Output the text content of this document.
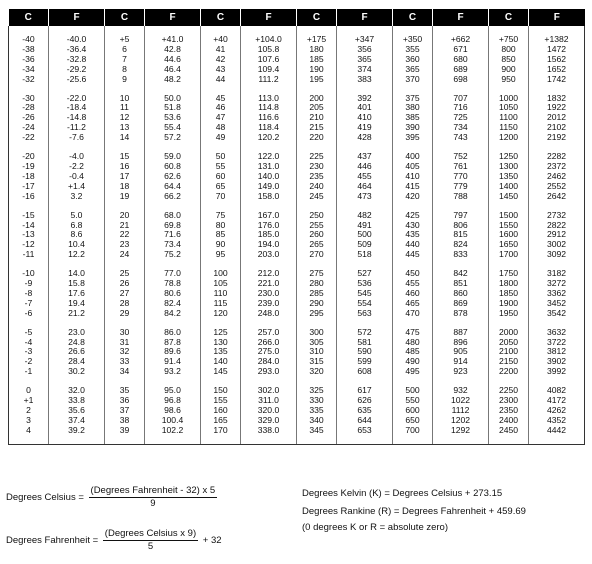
C	F	C	F	C	F	C	F	C	F	C	F
-40	-40.0	+5	+41.0	+40	+104.0	+175	+347	+350	+662	+750	+1382
-38	-36.4	6	42.8	41	105.8	180	356	355	671	800	1472
-36	-32.8	7	44.6	42	107.6	185	365	360	680	850	1562
-34	-29.2	8	46.4	43	109.4	190	374	365	689	900	1652
-32	-25.6	9	48.2	44	111.2	195	383	370	698	950	1742
-30	-22.0	10	50.0	45	113.0	200	392	375	707	1000	1832
-28	-18.4	11	51.8	46	114.8	205	401	380	716	1050	1922
-26	-14.8	12	53.6	47	116.6	210	410	385	725	1100	2012
-24	-11.2	13	55.4	48	118.4	215	419	390	734	1150	2102
-22	-7.6	14	57.2	49	120.2	220	428	395	743	1200	2192
-20	-4.0	15	59.0	50	122.0	225	437	400	752	1250	2282
-19	-2.2	16	60.8	55	131.0	230	446	405	761	1300	2372
-18	-0.4	17	62.6	60	140.0	235	455	410	770	1350	2462
-17	+1.4	18	64.4	65	149.0	240	464	415	779	1400	2552
-16	3.2	19	66.2	70	158.0	245	473	420	788	1450	2642
-15	5.0	20	68.0	75	167.0	250	482	425	797	1500	2732
-14	6.8	21	69.8	80	176.0	255	491	430	806	1550	2822
-13	8.6	22	71.6	85	185.0	260	500	435	815	1600	2912
-12	10.4	23	73.4	90	194.0	265	509	440	824	1650	3002
-11	12.2	24	75.2	95	203.0	270	518	445	833	1700	3092
-10	14.0	25	77.0	100	212.0	275	527	450	842	1750	3182
-9	15.8	26	78.8	105	221.0	280	536	455	851	1800	3272
-8	17.6	27	80.6	110	230.0	285	545	460	860	1850	3362
-7	19.4	28	82.4	115	239.0	290	554	465	869	1900	3452
-6	21.2	29	84.2	120	248.0	295	563	470	878	1950	3542
-5	23.0	30	86.0	125	257.0	300	572	475	887	2000	3632
-4	24.8	31	87.8	130	266.0	305	581	480	896	2050	3722
-3	26.6	32	89.6	135	275.0	310	590	485	905	2100	3812
-2	28.4	33	91.4	140	284.0	315	599	490	914	2150	3902
-1	30.2	34	93.2	145	293.0	320	608	495	923	2200	3992
0	32.0	35	95.0	150	302.0	325	617	500	932	2250	4082
+1	33.8	36	96.8	155	311.0	330	626	550	1022	2300	4172
2	35.6	37	98.6	160	320.0	335	635	600	1112	2350	4262
3	37.4	38	100.4	165	329.0	340	644	650	1202	2400	4352
4	39.2	39	102.2	170	338.0	345	653	700	1292	2450	4442

Degrees Celsius = $\frac{\text{(Degrees Fahrenheit - 32) x 5}}{9}$
Degrees Fahrenheit = $\frac{\text{(Degrees Celsius x 9)}}{5} + 32$
Degrees Kelvin (K) = Degrees Celsius + 273.15
Degrees Rankine (R) = Degrees Fahrenheit + 459.69
(0 degrees K or R = absolute zero)
